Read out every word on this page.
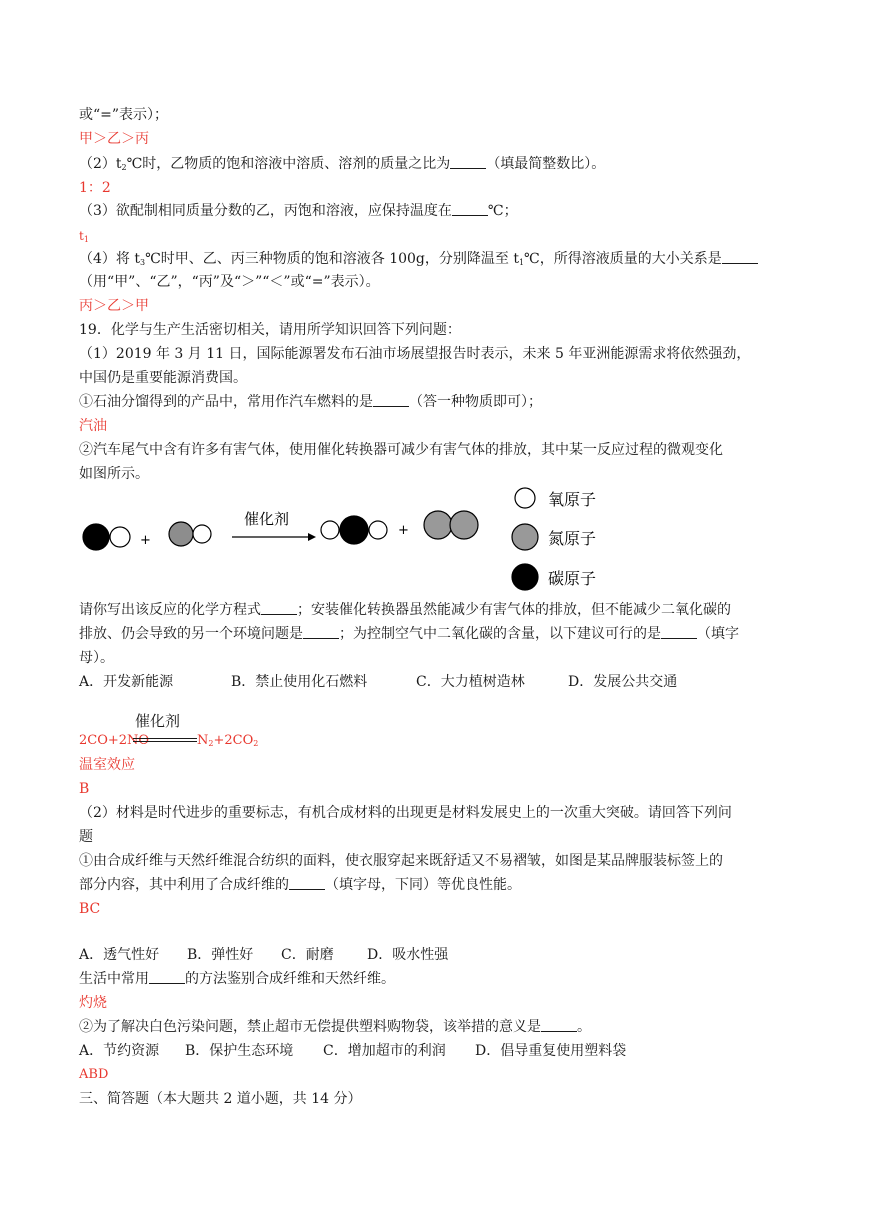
或“=”表示）；
甲＞乙＞丙
$(2)t_2℃$时，乙物质的饱和溶液中溶质、溶剂的质量之比为	（填最简整数比）。
1：2
（3）欲配制相同质量分数的乙，丙饱和溶液，应保持温度在	℃；
$t_1$
（4）将 $t_3℃$时甲、乙、丙三种物质的饱和溶液各 100g，分别降温至 $t_1℃$，所得溶液质量的大小关系是
（用“甲”、“乙”，“丙”及“＞”“＜”或“=”表示）。
丙＞乙＞甲
19．化学与生产生活密切相关，请用所学知识回答下列问题：
（1）2019 年 3 月 11 日，国际能源署发布石油市场展望报告时表示，未来 5 年亚洲能源需求将依然强劲，
中国仍是重要能源消费国。
①石油分馏得到的产品中，常用作汽车燃料的是	（答一种物质即可）；
汽油
②汽车尾气中含有许多有害气体，使用催化转换器可减少有害气体的排放，其中某一反应过程的微观变化
如图所示。
+
催化剂
+
氧原子
氮原子
碳原子
请你写出该反应的化学方程式	；安装催化转换器虽然能减少有害气体的排放，但不能减少二氧化碳的
排放、仍会导致的另一个环境问题是	；为控制空气中二氧化碳的含量，以下建议可行的是	（填字
母）。
A．开发新能源	B．禁止使用化石燃料	C．大力植树造林	D．发展公共交通
2CO+2NO
催化剂
$N_2+2CO_2$
温室效应
B
（2）材料是时代进步的重要标志，有机合成材料的出现更是材料发展史上的一次重大突破。请回答下列问
题
①由合成纤维与天然纤维混合纺织的面料，使衣服穿起来既舒适又不易褶皱，如图是某品牌服装标签上的
部分内容，其中利用了合成纤维的	（填字母，下同）等优良性能。
BC
A．透气性好 B．弹性好 C．耐磨 D．吸水性强
生活中常用	的方法鉴别合成纤维和天然纤维。
灼烧
②为了解决白色污染问题，禁止超市无偿提供塑料购物袋，该举措的意义是	。
A．节约资源 B．保护生态环境 C．增加超市的利润 D．倡导重复使用塑料袋
ABD
三、简答题（本大题共 2 道小题，共 14 分）
